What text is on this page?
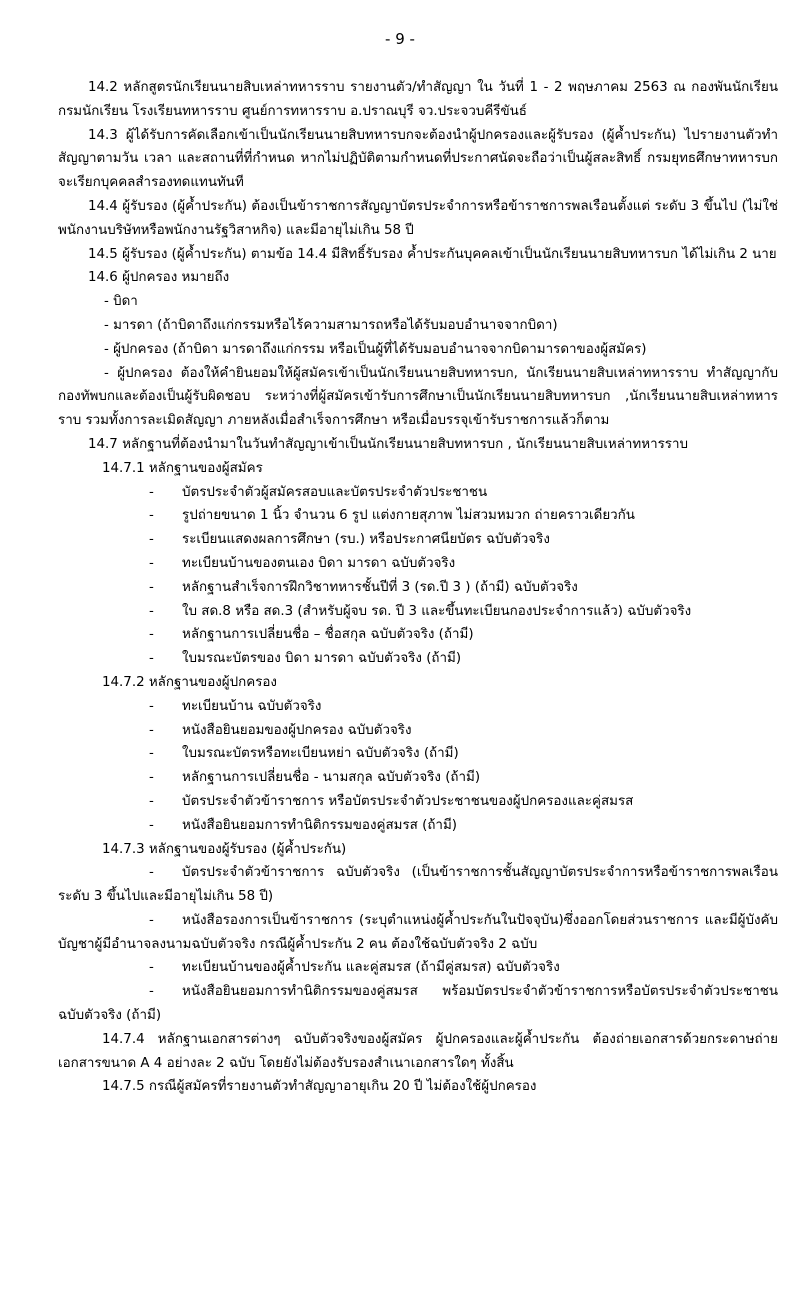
- 9 -

14.2 หลักสูตรนักเรียนนายสิบเหล่าทหารราบ รายงานตัว/ทำสัญญา ใน วันที่ 1 - 2 พฤษภาคม 2563 ณ กองพันนักเรียน กรมนักเรียน โรงเรียนทหารราบ ศูนย์การทหารราบ อ.ปราณบุรี จว.ประจวบคีรีขันธ์

14.3 ผู้ได้รับการคัดเลือกเข้าเป็นนักเรียนนายสิบทหารบกจะต้องนำผู้ปกครองและผู้รับรอง (ผู้ค้ำประกัน) ไปรายงานตัวทำสัญญาตามวัน เวลา และสถานที่ที่กำหนด หากไม่ปฏิบัติตามกำหนดที่ประกาศนัดจะถือว่าเป็นผู้สละสิทธิ์ กรมยุทธศึกษาทหารบกจะเรียกบุคคลสำรองทดแทนทันที

14.4 ผู้รับรอง (ผู้ค้ำประกัน) ต้องเป็นข้าราชการสัญญาบัตรประจำการหรือข้าราชการพลเรือนตั้งแต่ ระดับ 3 ขึ้นไป (ไม่ใช่พนักงานบริษัทหรือพนักงานรัฐวิสาหกิจ) และมีอายุไม่เกิน 58 ปี

14.5 ผู้รับรอง (ผู้ค้ำประกัน) ตามข้อ 14.4 มีสิทธิ์รับรอง ค้ำประกันบุคคลเข้าเป็นนักเรียนนายสิบทหารบก ได้ไม่เกิน 2 นาย

14.6 ผู้ปกครอง หมายถึง

- บิดา

- มารดา (ถ้าบิดาถึงแก่กรรมหรือไร้ความสามารถหรือได้รับมอบอำนาจจากบิดา)

- ผู้ปกครอง (ถ้าบิดา มารดาถึงแก่กรรม หรือเป็นผู้ที่ได้รับมอบอำนาจจากบิดามารดาของผู้สมัคร)

- ผู้ปกครอง ต้องให้คำยินยอมให้ผู้สมัครเข้าเป็นนักเรียนนายสิบทหารบก, นักเรียนนายสิบเหล่าทหารราบ ทำสัญญากับกองทัพบกและต้องเป็นผู้รับผิดชอบ ระหว่างที่ผู้สมัครเข้ารับการศึกษาเป็นนักเรียนนายสิบทหารบก ,นักเรียนนายสิบเหล่าทหารราบ รวมทั้งการละเมิดสัญญา ภายหลังเมื่อสำเร็จการศึกษา หรือเมื่อบรรจุเข้ารับราชการแล้วก็ตาม

14.7 หลักฐานที่ต้องนำมาในวันทำสัญญาเข้าเป็นนักเรียนนายสิบทหารบก , นักเรียนนายสิบเหล่าทหารราบ

14.7.1 หลักฐานของผู้สมัคร

- บัตรประจำตัวผู้สมัครสอบและบัตรประจำตัวประชาชน

- รูปถ่ายขนาด 1 นิ้ว จำนวน 6 รูป แต่งกายสุภาพ ไม่สวมหมวก ถ่ายคราวเดียวกัน

- ระเบียนแสดงผลการศึกษา (รบ.) หรือประกาศนียบัตร ฉบับตัวจริง

- ทะเบียนบ้านของตนเอง บิดา มารดา ฉบับตัวจริง

- หลักฐานสำเร็จการฝึกวิชาทหารชั้นปีที่ 3 (รด.ปี 3 ) (ถ้ามี) ฉบับตัวจริง

- ใบ สด.8 หรือ สด.3 (สำหรับผู้จบ รด. ปี 3 และขึ้นทะเบียนกองประจำการแล้ว) ฉบับตัวจริง

- หลักฐานการเปลี่ยนชื่อ – ชื่อสกุล ฉบับตัวจริง (ถ้ามี)

- ใบมรณะบัตรของ บิดา มารดา ฉบับตัวจริง (ถ้ามี)

14.7.2 หลักฐานของผู้ปกครอง

- ทะเบียนบ้าน ฉบับตัวจริง

- หนังสือยินยอมของผู้ปกครอง ฉบับตัวจริง

- ใบมรณะบัตรหรือทะเบียนหย่า ฉบับตัวจริง (ถ้ามี)

- หลักฐานการเปลี่ยนชื่อ - นามสกุล ฉบับตัวจริง (ถ้ามี)

- บัตรประจำตัวข้าราชการ หรือบัตรประจำตัวประชาชนของผู้ปกครองและคู่สมรส

- หนังสือยินยอมการทำนิติกรรมของคู่สมรส (ถ้ามี)

14.7.3 หลักฐานของผู้รับรอง (ผู้ค้ำประกัน)

- บัตรประจำตัวข้าราชการ ฉบับตัวจริง (เป็นข้าราชการชั้นสัญญาบัตรประจำการหรือข้าราชการพลเรือนระดับ 3 ขึ้นไปและมีอายุไม่เกิน 58 ปี)

- หนังสือรองการเป็นข้าราชการ (ระบุตำแหน่งผู้ค้ำประกันในปัจจุบัน)ซึ่งออกโดยส่วนราชการ และมีผู้บังคับบัญชาผู้มีอำนาจลงนามฉบับตัวจริง กรณีผู้ค้ำประกัน 2 คน ต้องใช้ฉบับตัวจริง 2 ฉบับ

- ทะเบียนบ้านของผู้ค้ำประกัน และคู่สมรส (ถ้ามีคู่สมรส) ฉบับตัวจริง

- หนังสือยินยอมการทำนิติกรรมของคู่สมรส พร้อมบัตรประจำตัวข้าราชการหรือบัตรประจำตัวประชาชน ฉบับตัวจริง (ถ้ามี)

14.7.4 หลักฐานเอกสารต่างๆ ฉบับตัวจริงของผู้สมัคร ผู้ปกครองและผู้ค้ำประกัน ต้องถ่ายเอกสารด้วยกระดาษถ่ายเอกสารขนาด A 4 อย่างละ 2 ฉบับ โดยยังไม่ต้องรับรองสำเนาเอกสารใดๆ ทั้งสิ้น

14.7.5 กรณีผู้สมัครที่รายงานตัวทำสัญญาอายุเกิน 20 ปี ไม่ต้องใช้ผู้ปกครอง
